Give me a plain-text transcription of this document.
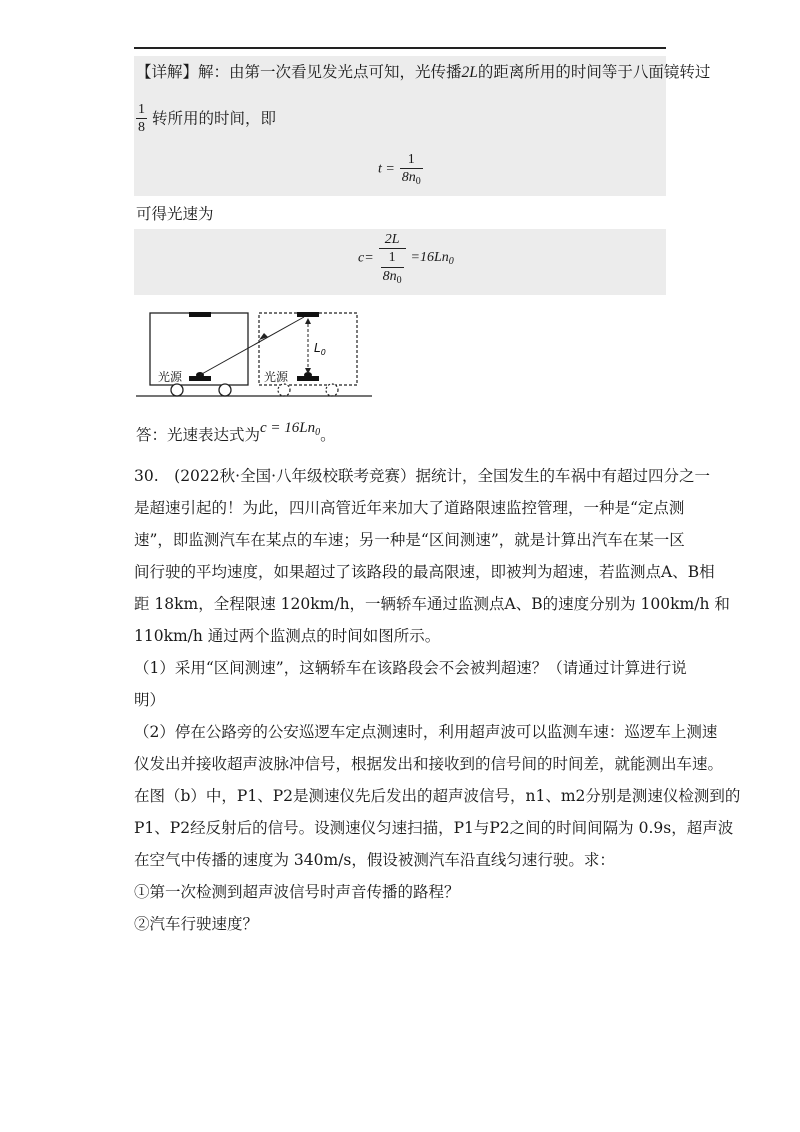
【详解】解：由第一次看见发光点可知，光传播2L的距离所用的时间等于八面镜转过
$\frac{1}{8}$ 转所用的时间，即
$t = \frac{1}{8n_0}$
可得光速为
$c= \frac{2L}{\frac{1}{8n_0}} =16Ln_0$
光源	光源
$L_0$
答：光速表达式为$c = 16Ln_0$。
30.　(2022秋·全国·八年级校联考竞赛）据统计，全国发生的车祸中有超过四分之一
是超速引起的！为此，四川高管近年来加大了道路限速监控管理，一种是“定点测
速”，即监测汽车在某点的车速；另一种是“区间测速”，就是计算出汽车在某一区
间行驶的平均速度，如果超过了该路段的最高限速，即被判为超速，若监测点A、B相
距 18km，全程限速 120km/h，一辆轿车通过监测点A、B的速度分别为 100km/h 和
110km/h 通过两个监测点的时间如图所示。
（1）采用“区间测速”，这辆轿车在该路段会不会被判超速？（请通过计算进行说
明）
（2）停在公路旁的公安巡逻车定点测速时，利用超声波可以监测车速：巡逻车上测速
仪发出并接收超声波脉冲信号，根据发出和接收到的信号间的时间差，就能测出车速。
在图（b）中，P1、P2是测速仪先后发出的超声波信号，n1、m2分别是测速仪检测到的
P1、P2经反射后的信号。设测速仪匀速扫描，P1与P2之间的时间间隔为 0.9s，超声波
在空气中传播的速度为 340m/s，假设被测汽车沿直线匀速行驶。求：
①第一次检测到超声波信号时声音传播的路程？
②汽车行驶速度？
